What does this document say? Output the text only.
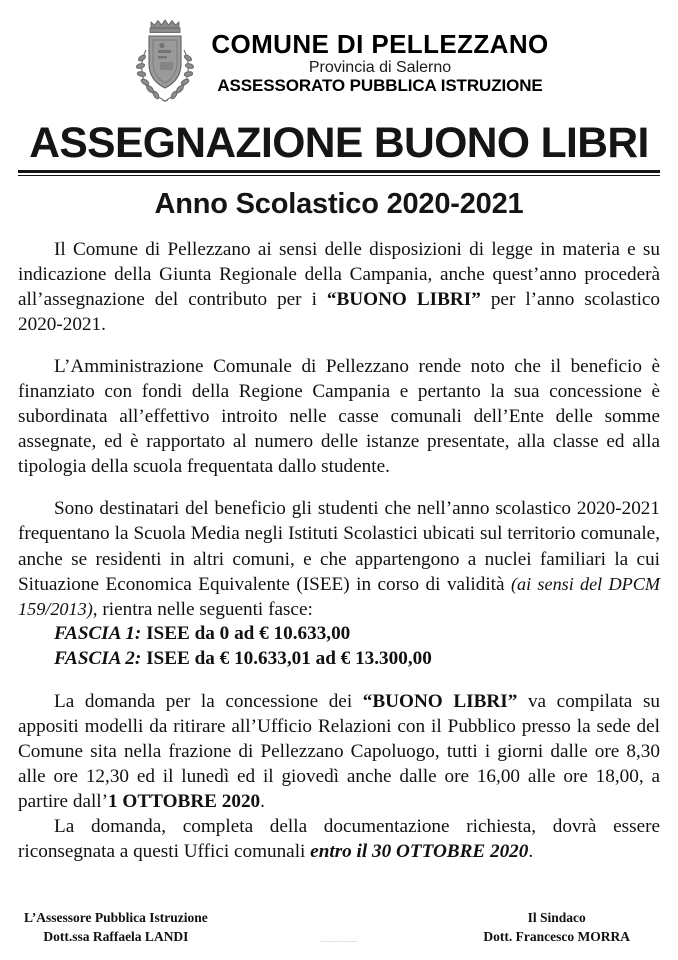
COMUNE DI PELLEZZANO
Provincia di Salerno
ASSESSORATO PUBBLICA ISTRUZIONE
ASSEGNAZIONE BUONO LIBRI
Anno Scolastico 2020-2021

Il Comune di Pellezzano ai sensi delle disposizioni di legge in materia e su indicazione della Giunta Regionale della Campania, anche quest’anno procederà all’assegnazione del contributo per i “BUONO LIBRI” per l’anno scolastico 2020-2021.

L’Amministrazione Comunale di Pellezzano rende noto che il beneficio è finanziato con fondi della Regione Campania e pertanto la sua concessione è subordinata all’effettivo introito nelle casse comunali dell’Ente delle somme assegnate, ed è rapportato al numero delle istanze presentate, alla classe ed alla tipologia della scuola frequentata dallo studente.

Sono destinatari del beneficio gli studenti che nell’anno scolastico 2020-2021 frequentano la Scuola Media negli Istituti Scolastici ubicati sul territorio comunale, anche se residenti in altri comuni, e che appartengono a nuclei familiari la cui Situazione Economica Equivalente (ISEE) in corso di validità (ai sensi del DPCM 159/2013), rientra nelle seguenti fasce:

FASCIA 1: ISEE da 0 ad € 10.633,00

FASCIA 2: ISEE da € 10.633,01 ad € 13.300,00

La domanda per la concessione dei “BUONO LIBRI” va compilata su appositi modelli da ritirare all’Ufficio Relazioni con il Pubblico presso la sede del Comune sita nella frazione di Pellezzano Capoluogo, tutti i giorni dalle ore 8,30 alle ore 12,30 ed il lunedì ed il giovedì anche dalle ore 16,00 alle ore 18,00, a partire dall’1 OTTOBRE 2020.

La domanda, completa della documentazione richiesta, dovrà essere riconsegnata a questi Uffici comunali entro il 30 OTTOBRE 2020.

L’Assessore Pubblica Istruzione
Dott.ssa Raffaela LANDI
Il Sindaco
Dott. Francesco MORRA
— —— —— —— — ————
